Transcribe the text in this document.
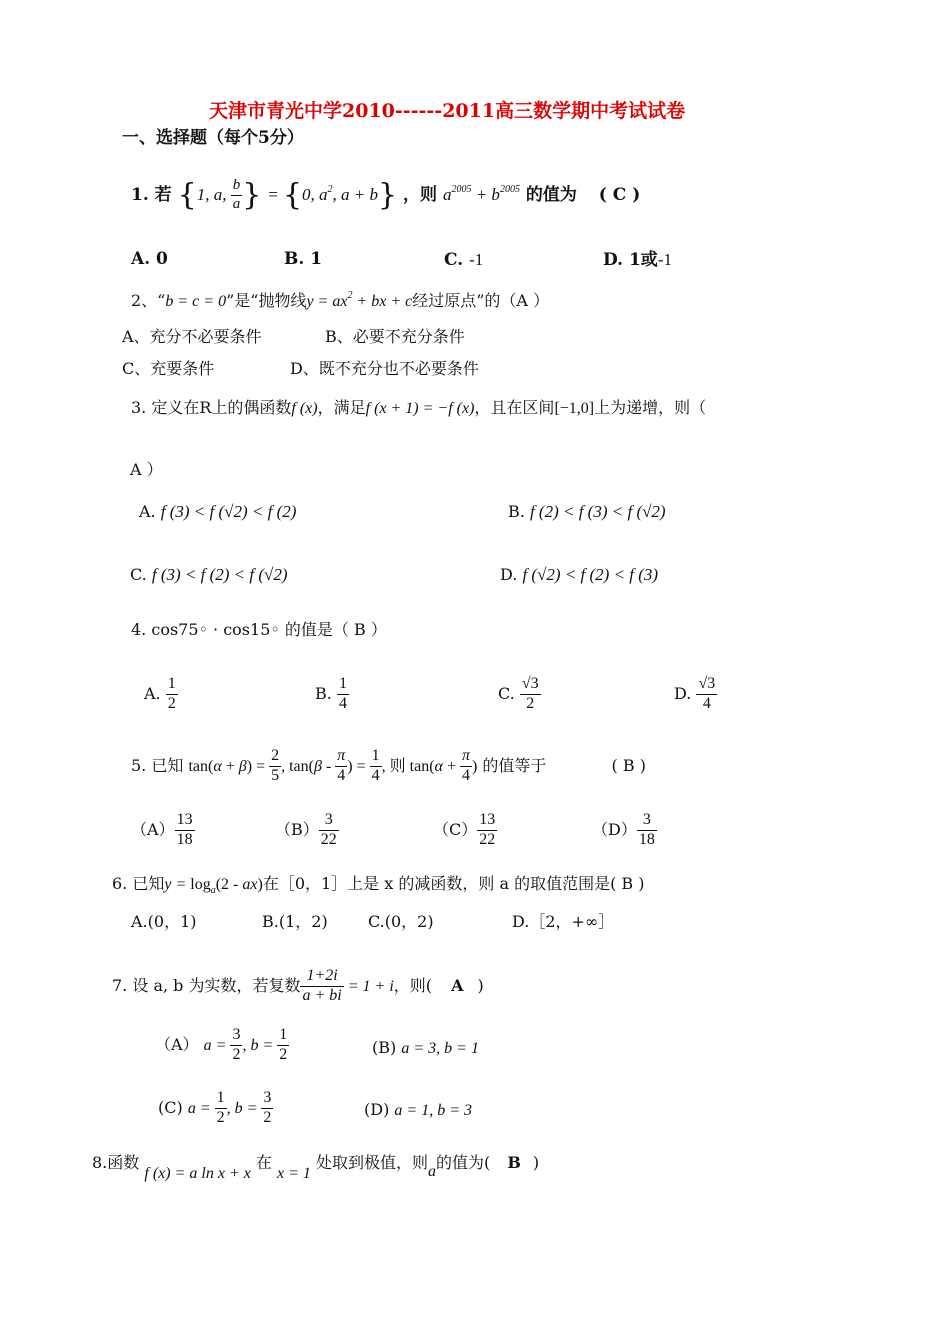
天津市青光中学2010------2011高三数学期中考试试卷
一、选择题（每个5分）
1. 若 {1, a, $\frac{b}{a}$ } = {0, $a^2$, a + b} ，则 $a^{2005} + b^{2005}$ 的值为 ( C )
A. 0	B. 1	C. -1	D. 1或-1
2、“b = c = 0”是“抛物线$y = ax^2$ + bx + c经过原点”的（A ）
A、充分不必要条件	B、必要不充分条件
C、充要条件	D、既不充分也不必要条件
3. 定义在R上的偶函数f (x)，满足f (x + 1) = −f (x)，且在区间[−1,0]上为递增，则（
A ）
A. f (3) < f (√2) < f (2)	B. f (2) < f (3) < f (√2)
C. f (3) < f (2) < f (√2)	D. f (√2) < f (2) < f (3)
4. cos75◦ · cos15◦ 的值是（ B ）
A. $\frac{1}{2}$	B. $\frac{1}{4}$	C. $\frac{√3}{2}$	D. $\frac{√3}{4}$
5. 已知 $\tan(\alpha + \beta) = \frac{2}{5}$ , $\tan(\beta - \frac{\pi}{4}$ ) = $\frac{1}{4}$ , 则 $\tan(\alpha + \frac{\pi}{4}$ ) 的值等于	( B )
$(A) \frac{13}{18}$	$(B) \frac{3}{22}$	$(C) \frac{13}{22}$	$(D) \frac{3}{18}$
6. 已知$y = \log_a(2 - ax)$在［0，1］上是 x 的减函数，则 a 的取值范围是( B )
A.(0，1)	B.(1，2)	C.(0，2)	D.［2，+∞］
7. 设 a, b 为实数，若复数 $\frac{1+2i}{a + bi} = 1 + i$，则( A )
（A） $a = \frac{3}{2}$ , $b = \frac{1}{2}$	(B) a = 3, b = 1
(C) $a = \frac{1}{2}$ , $b = \frac{3}{2}$	(D) a = 1, b = 3
8.函数 f (x) = a ln x + x 在 x = 1 处取到极值，则a的值为( B )
